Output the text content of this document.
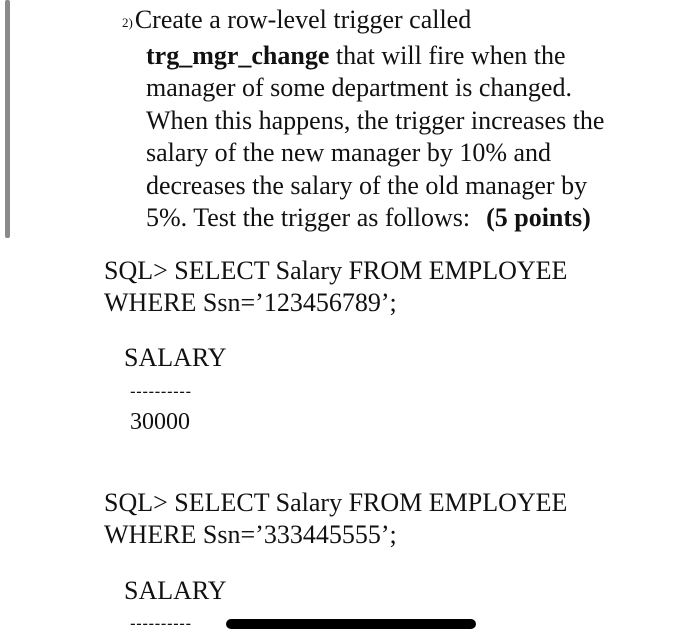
2)Create a row-level trigger called
trg_mgr_change that will fire when the
manager of some department is changed.
When this happens, the trigger increases the
salary of the new manager by 10% and
decreases the salary of the old manager by
5%. Test the trigger as follows: (5 points)
SQL> SELECT Salary FROM EMPLOYEE
WHERE Ssn=’123456789’;
SALARY
----------
30000
SQL> SELECT Salary FROM EMPLOYEE
WHERE Ssn=’333445555’;
SALARY
----------
